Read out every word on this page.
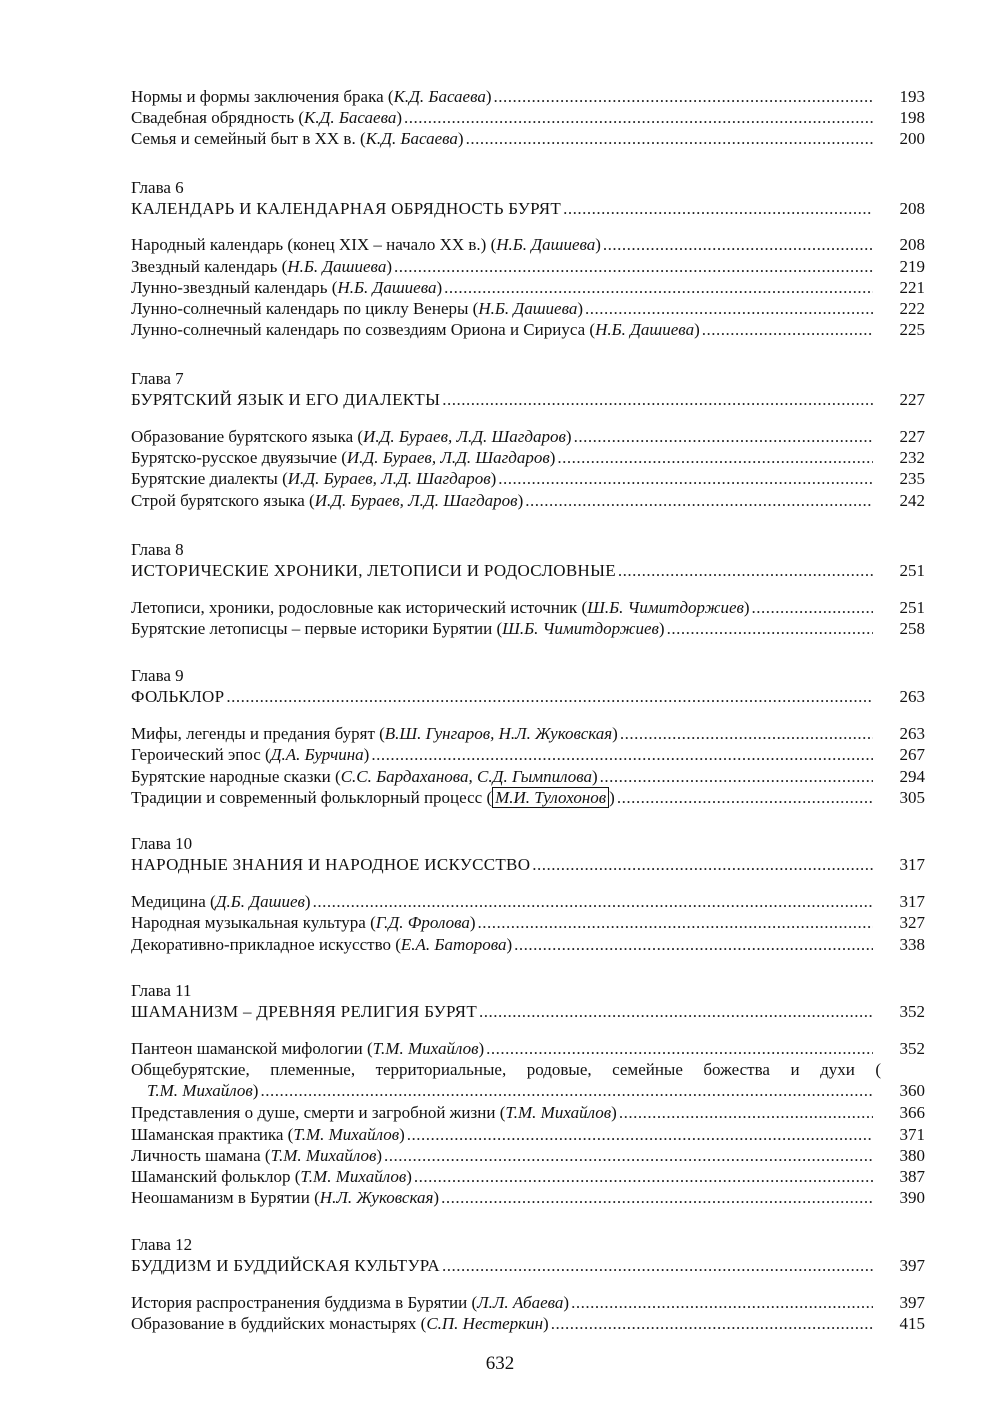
Нормы и формы заключения брака (К.Д. Басаева) .....	193
Свадебная обрядность (К.Д. Басаева) .....	198
Семья и семейный быт в XX в. (К.Д. Басаева) .....	200
Глава 6
КАЛЕНДАРЬ И КАЛЕНДАРНАЯ ОБРЯДНОСТЬ БУРЯТ .....	208
Народный календарь (конец XIX – начало XX в.) (Н.Б. Дашиева) .....	208
Звездный календарь (Н.Б. Дашиева) .....	219
Лунно-звездный календарь (Н.Б. Дашиева) .....	221
Лунно-солнечный календарь по циклу Венеры (Н.Б. Дашиева) .....	222
Лунно-солнечный календарь по созвездиям Ориона и Сириуса (Н.Б. Дашиева) .....	225
Глава 7
БУРЯТСКИЙ ЯЗЫК И ЕГО ДИАЛЕКТЫ .....	227
Образование бурятского языка (И.Д. Бураев, Л.Д. Шагдаров) .....	227
Бурятско-русское двуязычие (И.Д. Бураев, Л.Д. Шагдаров) .....	232
Бурятские диалекты (И.Д. Бураев, Л.Д. Шагдаров) .....	235
Строй бурятского языка (И.Д. Бураев, Л.Д. Шагдаров) .....	242
Глава 8
ИСТОРИЧЕСКИЕ ХРОНИКИ, ЛЕТОПИСИ И РОДОСЛОВНЫЕ .....	251
Летописи, хроники, родословные как исторический источник (Ш.Б. Чимитдоржиев) .....	251
Бурятские летописцы – первые историки Бурятии (Ш.Б. Чимитдоржиев) .....	258
Глава 9
ФОЛЬКЛОР .....	263
Мифы, легенды и предания бурят (В.Ш. Гунгаров, Н.Л. Жуковская) .....	263
Героический эпос (Д.А. Бурчина) .....	267
Бурятские народные сказки (С.С. Бардаханова, С.Д. Гымпилова) .....	294
Традиции и современный фольклорный процесс ( М.И. Тулохонов ) .....	305
Глава 10
НАРОДНЫЕ ЗНАНИЯ И НАРОДНОЕ ИСКУССТВО .....	317
Медицина (Д.Б. Дашиев) .....	317
Народная музыкальная культура (Г.Д. Фролова) .....	327
Декоративно-прикладное искусство (Е.А. Баторова) .....	338
Глава 11
ШАМАНИЗМ – ДРЕВНЯЯ РЕЛИГИЯ БУРЯТ .....	352
Пантеон шаманской мифологии (Т.М. Михайлов) .....	352
Общебурятские, племенные, территориальные, родовые, семейные божества и духи (
Т.М. Михайлов) .....	360
Представления о душе, смерти и загробной жизни (Т.М. Михайлов) .....	366
Шаманская практика (Т.М. Михайлов) .....	371
Личность шамана (Т.М. Михайлов) .....	380
Шаманский фольклор (Т.М. Михайлов) .....	387
Неошаманизм в Бурятии (Н.Л. Жуковская) .....	390
Глава 12
БУДДИЗМ И БУДДИЙСКАЯ КУЛЬТУРА .....	397
История распространения буддизма в Бурятии (Л.Л. Абаева) .....	397
Образование в буддийских монастырях (С.П. Нестеркин) .....	415
632
